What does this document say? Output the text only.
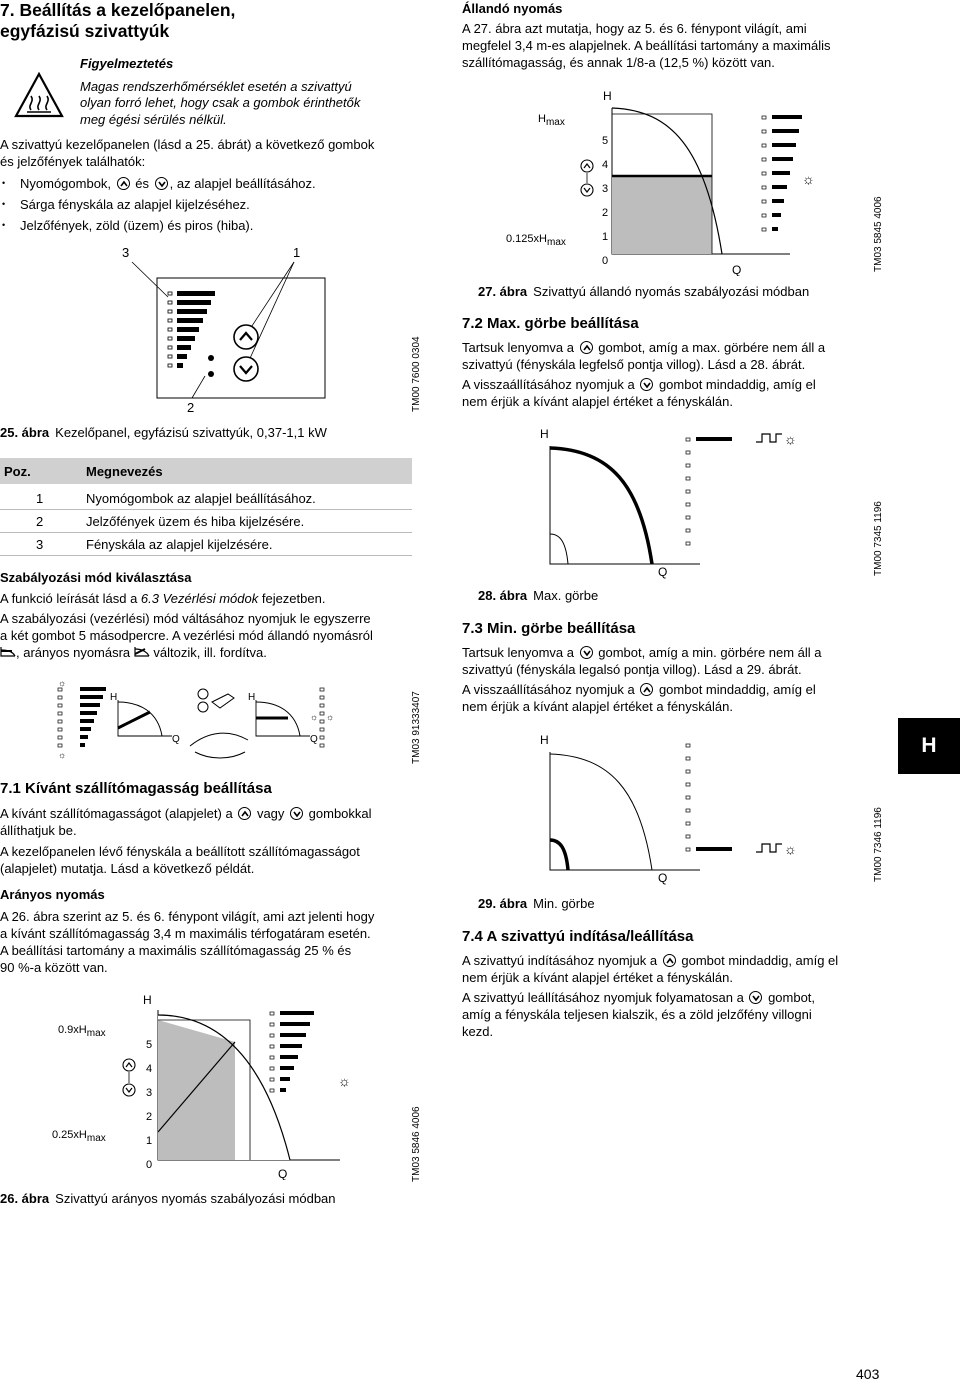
7. Beállítás a kezelőpanelen,
egyfázisú szivattyúk
Figyelmeztetés
Magas rendszerhőmérséklet esetén a szivattyú
olyan forró lehet, hogy csak a gombok érinthetők
meg égési sérülés nélkül.

A szivattyú kezelőpanelen (lásd a 25. ábrát) a következő gombok

és jelzőfények találhatók:

• Nyomógombok, és , az alapjel beállításához.
• Sárga fényskála az alapjel kijelzéséhez.
• Jelzőfények, zöld (üzem) és piros (hiba).
3	1
2	TM00 7600 0304
25. ábra Kezelőpanel, egyfázisú szivattyúk, 0,37-1,1 kW
Poz.	Megnevezés
1	Nyomógombok az alapjel beállításához.
2	Jelzőfények üzem és hiba kijelzésére.
3	Fényskála az alapjel kijelzésére.
Szabályozási mód kiválasztása

A funkció leírását lásd a 6.3 Vezérlési módok fejezetben.

A szabályozási (vezérlési) mód váltásához nyomjuk le egyszerre

a két gombot 5 másodpercre. A vezérlési mód állandó nyomásról

, arányos nyomásra változik, ill. fordítva.

☼
☼
H
Q
H
Q
☼ ☼	TM03 91333407
7.1 Kívánt szállítómagasság beállítása

A kívánt szállítómagasságot (alapjelet) a vagy gombokkal

állíthatjuk be.

A kezelőpanelen lévő fényskála a beállított szállítómagasságot

(alapjelet) mutatja. Lásd a következő példát.

Arányos nyomás

A 26. ábra szerint az 5. és 6. fénypont világít, ami azt jelenti hogy

a kívánt szállítómagasság 3,4 m maximális térfogatáram esetén.

A beállítási tartomány a maximális szállítómagasság 25 % és

90 %-a között van.

H
Q
0.9xHmax
0.25xHmax
5
4
3
2
1
0
☼
TM03 5846 4006
26. ábra Szivattyú arányos nyomás szabályozási módban
Állandó nyomás

A 27. ábra azt mutatja, hogy az 5. és 6. fénypont világít, ami

megfelel 3,4 m-es alapjelnek. A beállítási tartomány a maximális

szállítómagasság, és annak 1/8-a (12,5 %) között van.

H
Q
Hmax
0.125xHmax
5
4
3
2
1
0
☼
TM03 5845 4006
27. ábra Szivattyú állandó nyomás szabályozási módban
7.2 Max. görbe beállítása

Tartsuk lenyomva a gombot, amíg a max. görbére nem áll a

szivattyú (fényskála legfelső pontja villog). Lásd a 28. ábrát.

A visszaállításához nyomjuk a gombot mindaddig, amíg el

nem érjük a kívánt alapjel értéket a fényskálán.

H
Q
☼
TM00 7345 1196
28. ábra Max. görbe
7.3 Min. görbe beállítása

Tartsuk lenyomva a gombot, amíg a min. görbére nem áll a

szivattyú (fényskála legalsó pontja villog). Lásd a 29. ábrát.

A visszaállításához nyomjuk a gombot mindaddig, amíg el

nem érjük a kívánt alapjel értéket a fényskálán.

H
Q
☼	TM00 7346 1196
29. ábra Min. görbe
7.4 A szivattyú indítása/leállítása

A szivattyú indításához nyomjuk a gombot mindaddig, amíg el

nem érjük a kívánt alapjel értéket a fényskálán.

A szivattyú leállításához nyomjuk folyamatosan a gombot,

amíg a fényskála teljesen kialszik, és a zöld jelzőfény villogni

kezd.

H
403
